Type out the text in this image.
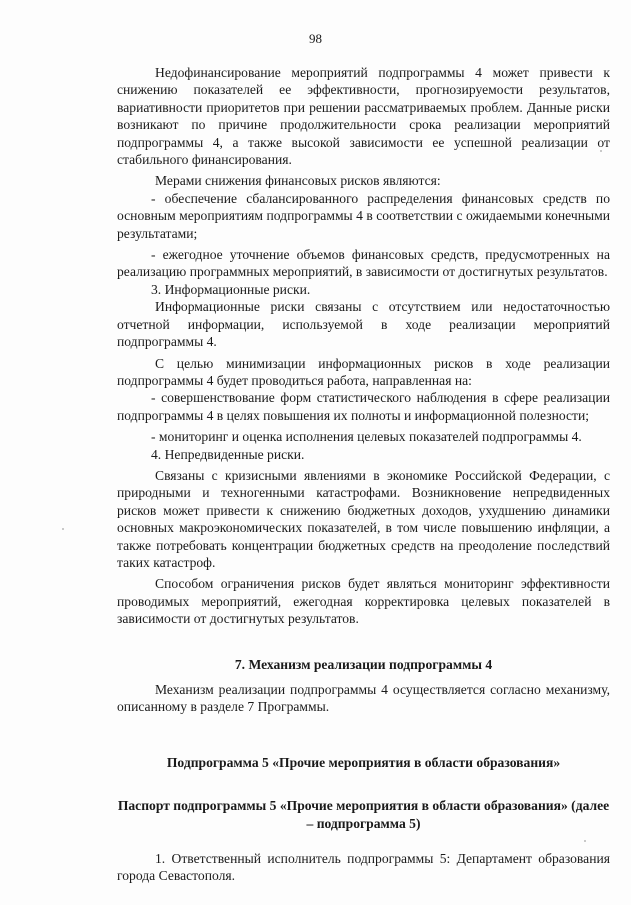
98

Недофинансирование мероприятий подпрограммы 4 может привести к снижению показателей ее эффективности, прогнозируемости результатов, вариативности приоритетов при решении рассматриваемых проблем. Данные риски возникают по причине продолжительности срока реализации мероприятий подпрограммы 4, а также высокой зависимости ее успешной реализации от стабильного финансирования.

Мерами снижения финансовых рисков являются:

- обеспечение сбалансированного распределения финансовых средств по основным мероприятиям подпрограммы 4 в соответствии с ожидаемыми конечными результатами;

- ежегодное уточнение объемов финансовых средств, предусмотренных на реализацию программных мероприятий, в зависимости от достигнутых результатов.

3. Информационные риски.

Информационные риски связаны с отсутствием или недостаточностью отчетной информации, используемой в ходе реализации мероприятий подпрограммы 4.

С целью минимизации информационных рисков в ходе реализации подпрограммы 4 будет проводиться работа, направленная на:

- совершенствование форм статистического наблюдения в сфере реализации подпрограммы 4 в целях повышения их полноты и информационной полезности;

- мониторинг и оценка исполнения целевых показателей подпрограммы 4.

4. Непредвиденные риски.

Связаны с кризисными явлениями в экономике Российской Федерации, с природными и техногенными катастрофами. Возникновение непредвиденных рисков может привести к снижению бюджетных доходов, ухудшению динамики основных макроэкономических показателей, в том числе повышению инфляции, а также потребовать концентрации бюджетных средств на преодоление последствий таких катастроф.

Способом ограничения рисков будет являться мониторинг эффективности проводимых мероприятий, ежегодная корректировка целевых показателей в зависимости от достигнутых результатов.

7. Механизм реализации подпрограммы 4

Механизм реализации подпрограммы 4 осуществляется согласно механизму, описанному в разделе 7 Программы.

Подпрограмма 5 «Прочие мероприятия в области образования»

Паспорт подпрограммы 5 «Прочие мероприятия в области образования» (далее – подпрограмма 5)

1. Ответственный исполнитель подпрограммы 5: Департамент образования города Севастополя.
